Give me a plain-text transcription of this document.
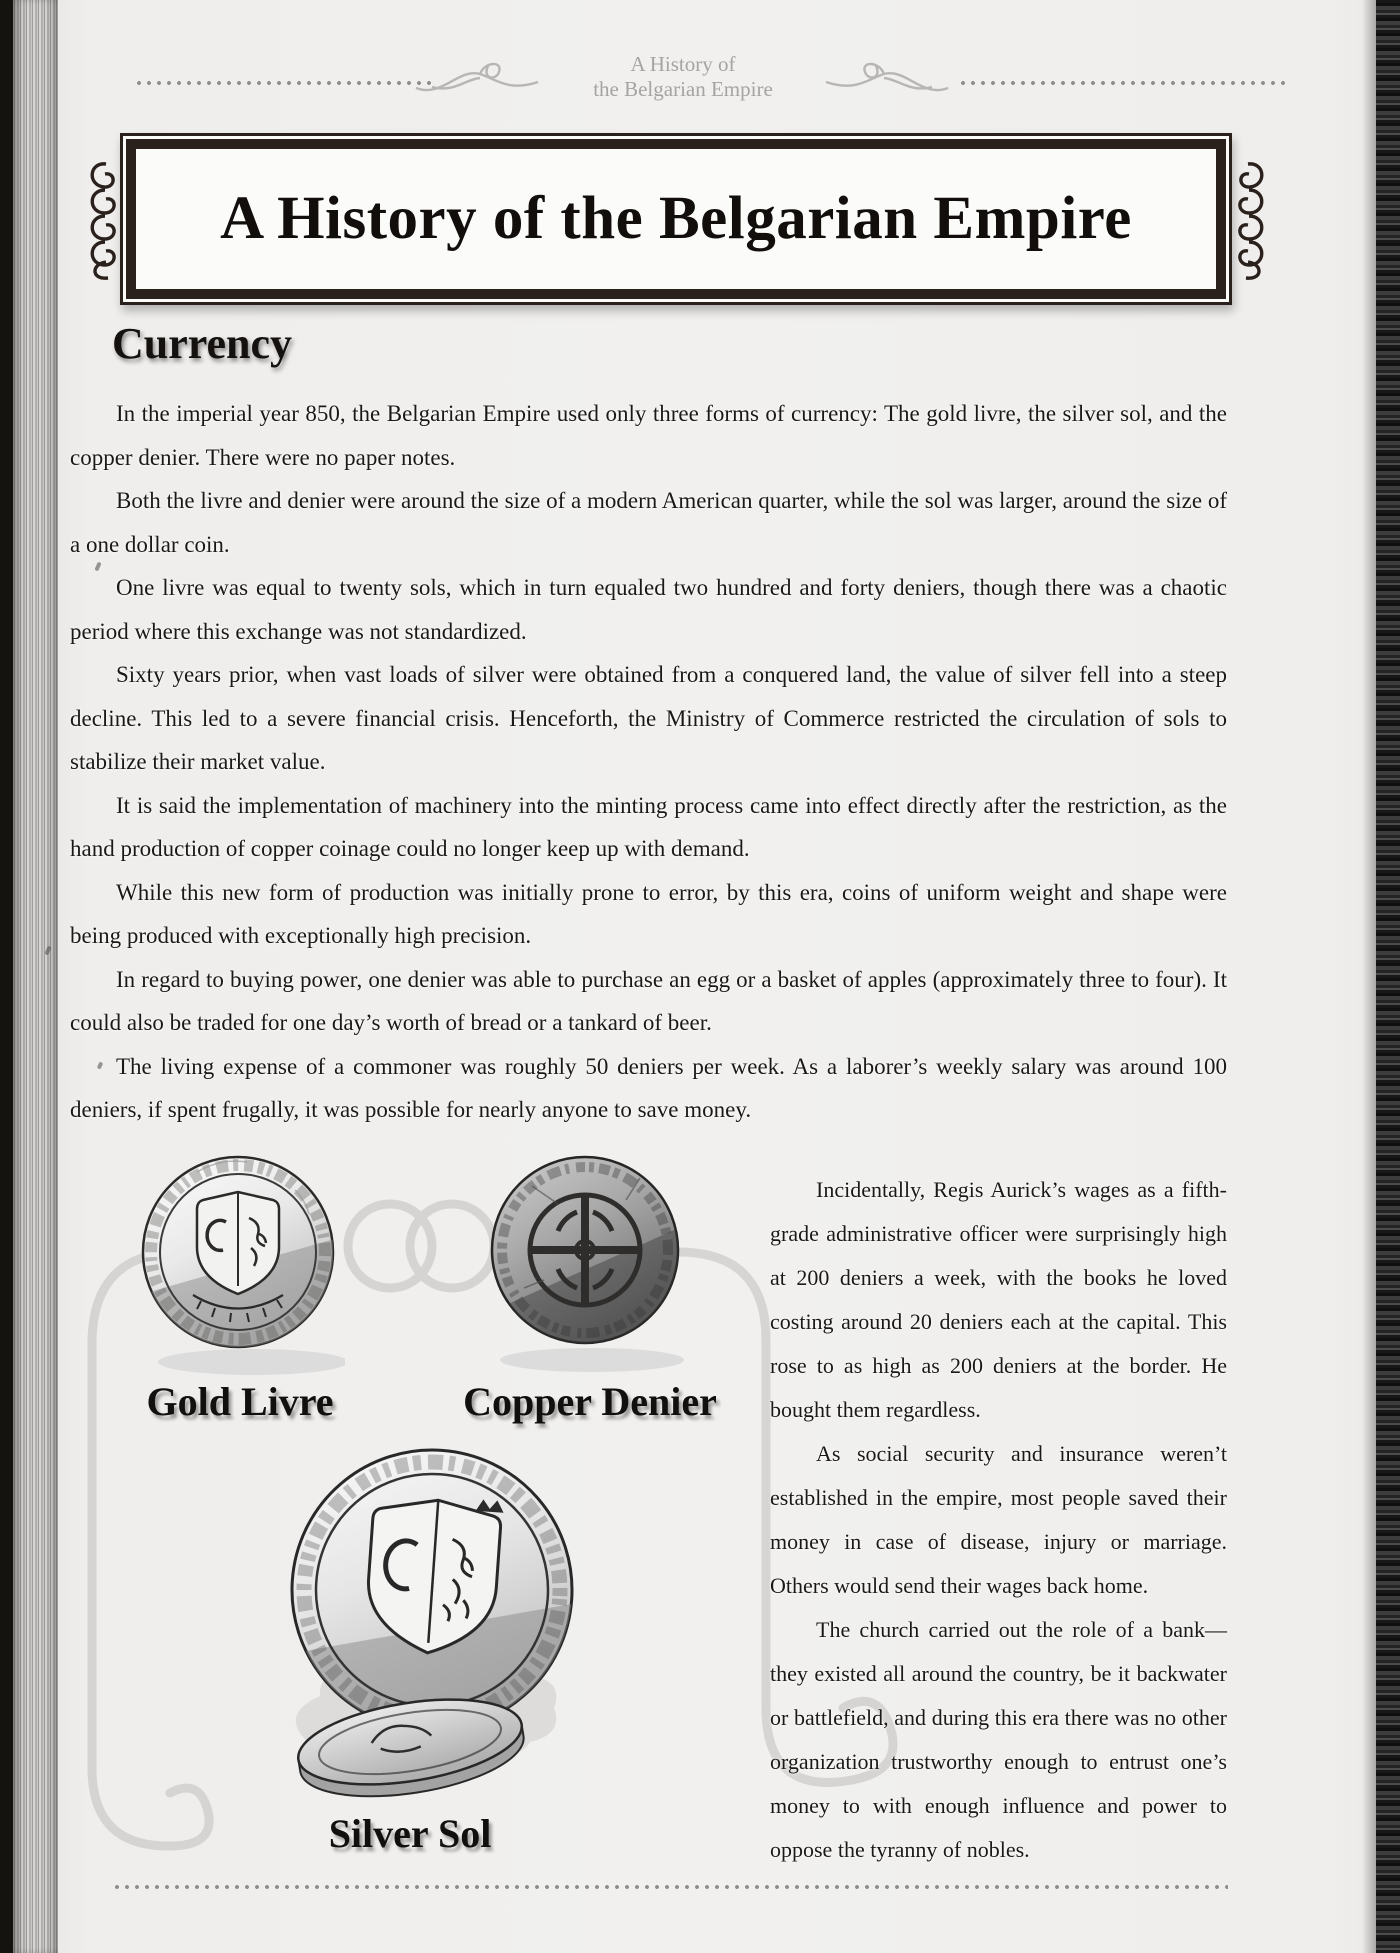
A History of
the Belgarian Empire
A History of the Belgarian Empire
Currency

In the imperial year 850, the Belgarian Empire used only three forms of currency: The gold livre, the silver sol, and the copper denier. There were no paper notes.

Both the livre and denier were around the size of a modern American quarter, while the sol was larger, around the size of a one dollar coin.

One livre was equal to twenty sols, which in turn equaled two hundred and forty deniers, though there was a chaotic period where this exchange was not standardized.

Sixty years prior, when vast loads of silver were obtained from a conquered land, the value of silver fell into a steep decline. This led to a severe financial crisis. Henceforth, the Ministry of Commerce restricted the circulation of sols to stabilize their market value.

It is said the implementation of machinery into the minting process came into effect directly after the restriction, as the hand production of copper coinage could no longer keep up with demand.

While this new form of production was initially prone to error, by this era, coins of uniform weight and shape were being produced with exceptionally high precision.

In regard to buying power, one denier was able to purchase an egg or a basket of apples (approximately three to four). It could also be traded for one day’s worth of bread or a tankard of beer.

The living expense of a commoner was roughly 50 deniers per week. As a laborer’s weekly salary was around 100 deniers, if spent frugally, it was possible for nearly anyone to save money.

Gold Livre	Copper Denier
Silver Sol

Incidentally, Regis Aurick’s wages as a fifth-grade administrative officer were surprisingly high at 200 deniers a week, with the books he loved costing around 20 deniers each at the capital. This rose to as high as 200 deniers at the border. He bought them regardless.

As social security and insurance weren’t established in the empire, most people saved their money in case of disease, injury or marriage. Others would send their wages back home.

The church carried out the role of a bank—they existed all around the country, be it backwater or battlefield, and during this era there was no other organization trustworthy enough to entrust one’s money to with enough influence and power to oppose the tyranny of nobles.
